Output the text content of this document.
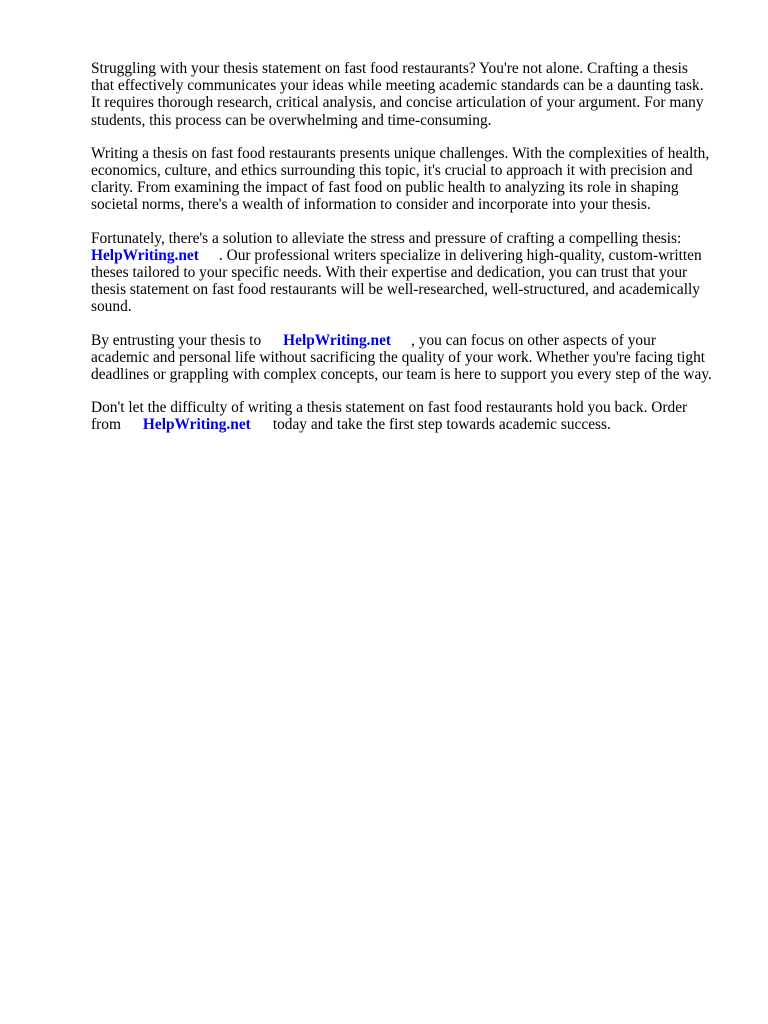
Struggling with your thesis statement on fast food restaurants? You're not alone. Crafting a thesis
that effectively communicates your ideas while meeting academic standards can be a daunting task.
It requires thorough research, critical analysis, and concise articulation of your argument. For many
students, this process can be overwhelming and time-consuming.

Writing a thesis on fast food restaurants presents unique challenges. With the complexities of health,
economics, culture, and ethics surrounding this topic, it's crucial to approach it with precision and
clarity. From examining the impact of fast food on public health to analyzing its role in shaping
societal norms, there's a wealth of information to consider and incorporate into your thesis.

Fortunately, there's a solution to alleviate the stress and pressure of crafting a compelling thesis:
HelpWriting.net . Our professional writers specialize in delivering high-quality, custom-written
theses tailored to your specific needs. With their expertise and dedication, you can trust that your
thesis statement on fast food restaurants will be well-researched, well-structured, and academically
sound.

By entrusting your thesis to HelpWriting.net , you can focus on other aspects of your
academic and personal life without sacrificing the quality of your work. Whether you're facing tight
deadlines or grappling with complex concepts, our team is here to support you every step of the way.

Don't let the difficulty of writing a thesis statement on fast food restaurants hold you back. Order
from HelpWriting.net today and take the first step towards academic success.
